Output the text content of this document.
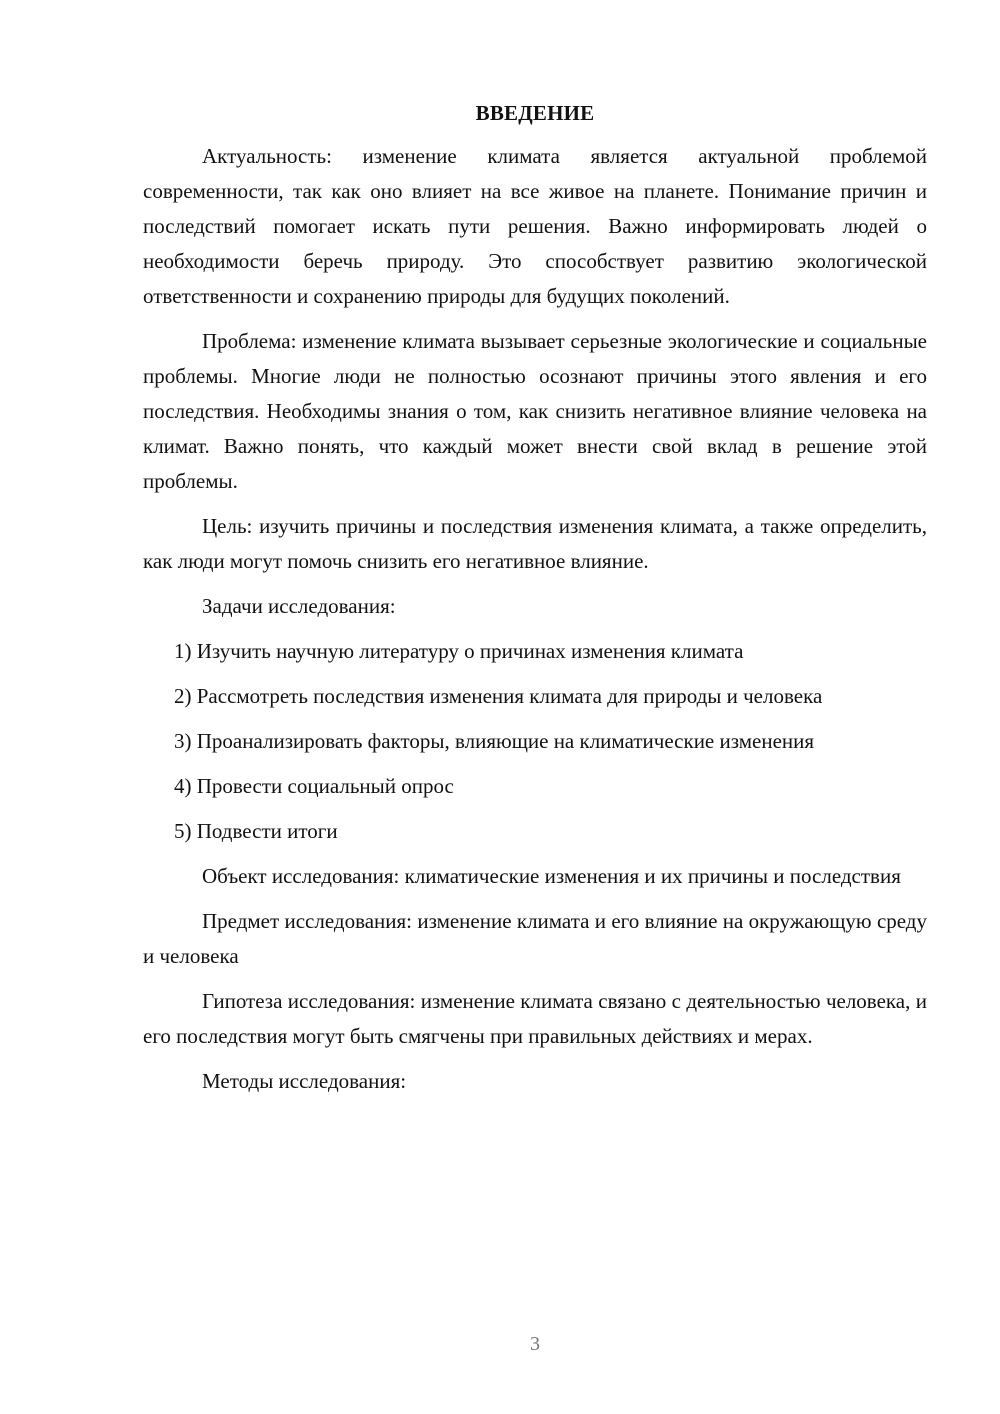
ВВЕДЕНИЕ

Актуальность: изменение климата является актуальной проблемой современности, так как оно влияет на все живое на планете. Понимание причин и последствий помогает искать пути решения. Важно информировать людей о необходимости беречь природу. Это способствует развитию экологической ответственности и сохранению природы для будущих поколений.

Проблема: изменение климата вызывает серьезные экологические и социальные проблемы. Многие люди не полностью осознают причины этого явления и его последствия. Необходимы знания о том, как снизить негативное влияние человека на климат. Важно понять, что каждый может внести свой вклад в решение этой проблемы.

Цель: изучить причины и последствия изменения климата, а также определить, как люди могут помочь снизить его негативное влияние.

Задачи исследования:

1) Изучить научную литературу о причинах изменения климата

2) Рассмотреть последствия изменения климата для природы и человека

3) Проанализировать факторы, влияющие на климатические изменения

4) Провести социальный опрос

5) Подвести итоги

Объект исследования: климатические изменения и их причины и последствия

Предмет исследования: изменение климата и его влияние на окружающую среду и человека

Гипотеза исследования: изменение климата связано с деятельностью человека, и его последствия могут быть смягчены при правильных действиях и мерах.

Методы исследования:

3
